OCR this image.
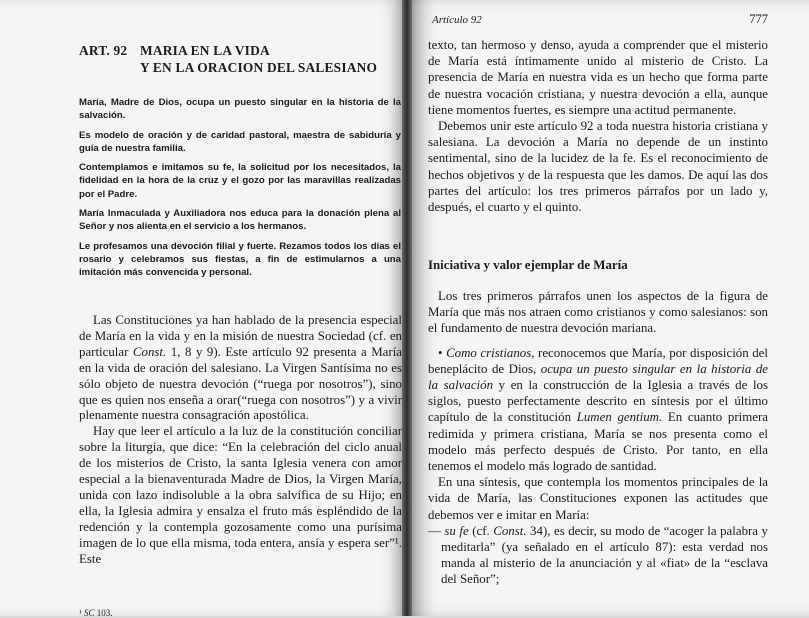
ART. 92 MARIA EN LA VIDA
Y EN LA ORACION DEL SALESIANO

María, Madre de Dios, ocupa un puesto singular en la historia de la salvación.

Es modelo de oración y de caridad pastoral, maestra de sabiduría y guía de nuestra familia.

Contemplamos e imitamos su fe, la solicitud por los necesitados, la fidelidad en la hora de la cruz y el gozo por las maravillas realizadas por el Padre.

María Inmaculada y Auxiliadora nos educa para la donación plena al Señor y nos alienta en el servicio a los hermanos.

Le profesamos una devoción filial y fuerte. Rezamos todos los días el rosario y celebramos sus fiestas, a fin de estimularnos a una imitación más convencida y personal.

Las Constituciones ya han hablado de la presencia especial de María en la vida y en la misión de nuestra Sociedad (cf. en particular Const. 1, 8 y 9). Este artículo 92 presenta a María en la vida de oración del salesiano. La Virgen Santísima no es sólo objeto de nuestra devoción (“ruega por nosotros”), sino que es quien nos enseña a orar(“ruega con nosotros”) y a vivir plenamente nuestra consagración apostólica.

Hay que leer el artículo a la luz de la constitución conciliar sobre la liturgia, que dice: “En la celebración del ciclo anual de los misterios de Cristo, la santa Iglesia venera con amor especial a la bienaventurada Madre de Dios, la Virgen María, unida con lazo indisoluble a la obra salvífica de su Hijo; en ella, la Iglesia admira y ensalza el fruto más espléndido de la redención y la contempla gozosamente como una purísima imagen de lo que ella misma, toda entera, ansía y espera ser”¹. Este

¹ SC 103.
Artículo 92	777

texto, tan hermoso y denso, ayuda a comprender que el misterio de María está íntimamente unido al misterio de Cristo. La presencia de María en nuestra vida es un hecho que forma parte de nuestra vocación cristiana, y nuestra devoción a ella, aunque tiene momentos fuertes, es siempre una actitud permanente.

Debemos unir este artículo 92 a toda nuestra historia cristiana y salesiana. La devoción a María no depende de un instinto sentimental, sino de la lucidez de la fe. Es el reconocimiento de hechos objetivos y de la respuesta que les damos. De aquí las dos partes del artículo: los tres primeros párrafos por un lado y, después, el cuarto y el quinto.

Iniciativa y valor ejemplar de María

Los tres primeros párrafos unen los aspectos de la figura de María que más nos atraen como cristianos y como salesianos: son el fundamento de nuestra devoción mariana.

• Como cristianos, reconocemos que María, por disposición del beneplácito de Dios, ocupa un puesto singular en la historia de la salvación y en la construcción de la Iglesia a través de los siglos, puesto perfectamente descrito en síntesis por el último capítulo de la constitución Lumen gentium. En cuanto primera redimida y primera cristiana, María se nos presenta como el modelo más perfecto después de Cristo. Por tanto, en ella tenemos el modelo más logrado de santidad.

En una síntesis, que contempla los momentos principales de la vida de María, las Constituciones exponen las actitudes que debemos ver e imitar en María:

— su fe (cf. Const. 34), es decir, su modo de “acoger la palabra y meditarla” (ya señalado en el artículo 87): esta verdad nos manda al misterio de la anunciación y al «fiat» de la “esclava del Señor”;
